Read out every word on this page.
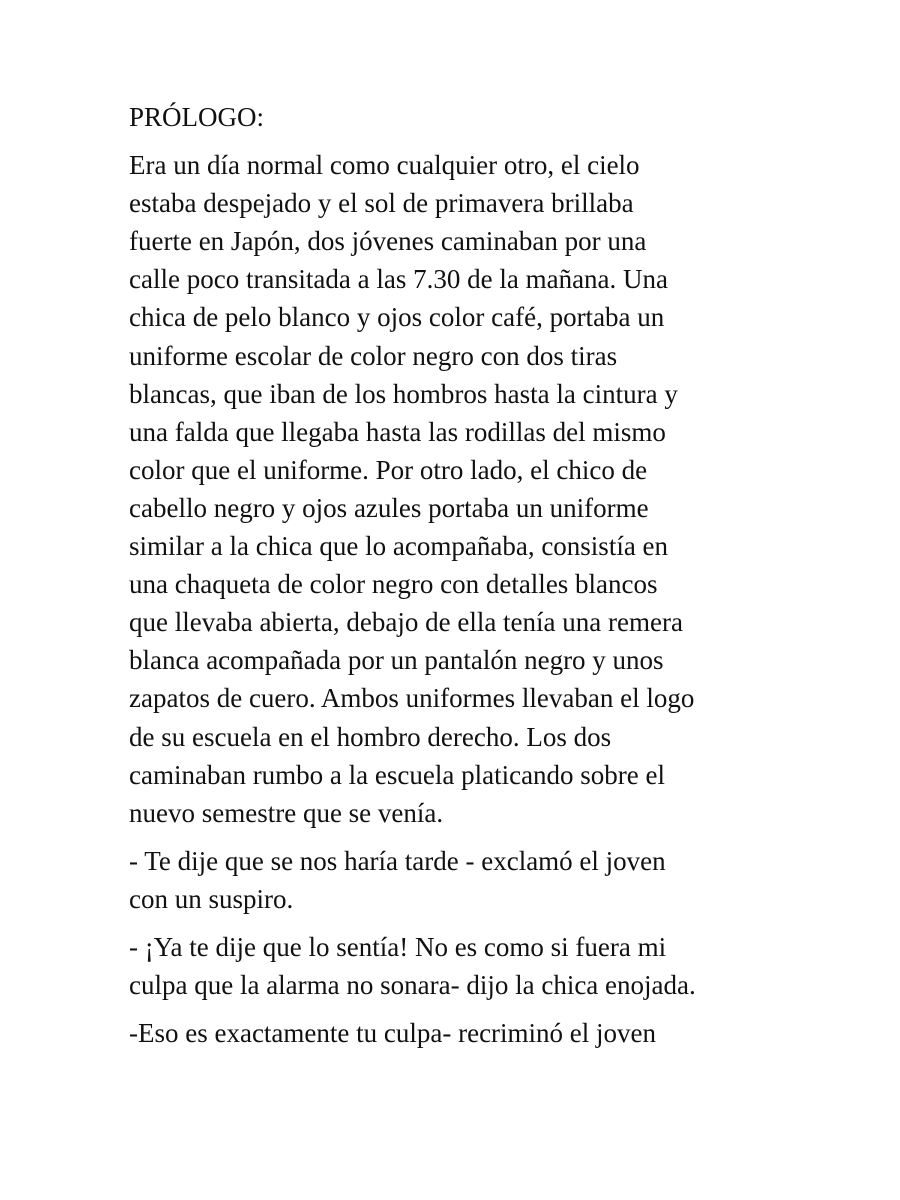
PRÓLOGO:

Era un día normal como cualquier otro, el cielo
estaba despejado y el sol de primavera brillaba
fuerte en Japón, dos jóvenes caminaban por una
calle poco transitada a las 7.30 de la mañana. Una
chica de pelo blanco y ojos color café, portaba un
uniforme escolar de color negro con dos tiras
blancas, que iban de los hombros hasta la cintura y
una falda que llegaba hasta las rodillas del mismo
color que el uniforme. Por otro lado, el chico de
cabello negro y ojos azules portaba un uniforme
similar a la chica que lo acompañaba, consistía en
una chaqueta de color negro con detalles blancos
que llevaba abierta, debajo de ella tenía una remera
blanca acompañada por un pantalón negro y unos
zapatos de cuero. Ambos uniformes llevaban el logo
de su escuela en el hombro derecho. Los dos
caminaban rumbo a la escuela platicando sobre el
nuevo semestre que se venía.

- Te dije que se nos haría tarde - exclamó el joven
con un suspiro.

- ¡Ya te dije que lo sentía! No es como si fuera mi
culpa que la alarma no sonara- dijo la chica enojada.

-Eso es exactamente tu culpa- recriminó el joven
